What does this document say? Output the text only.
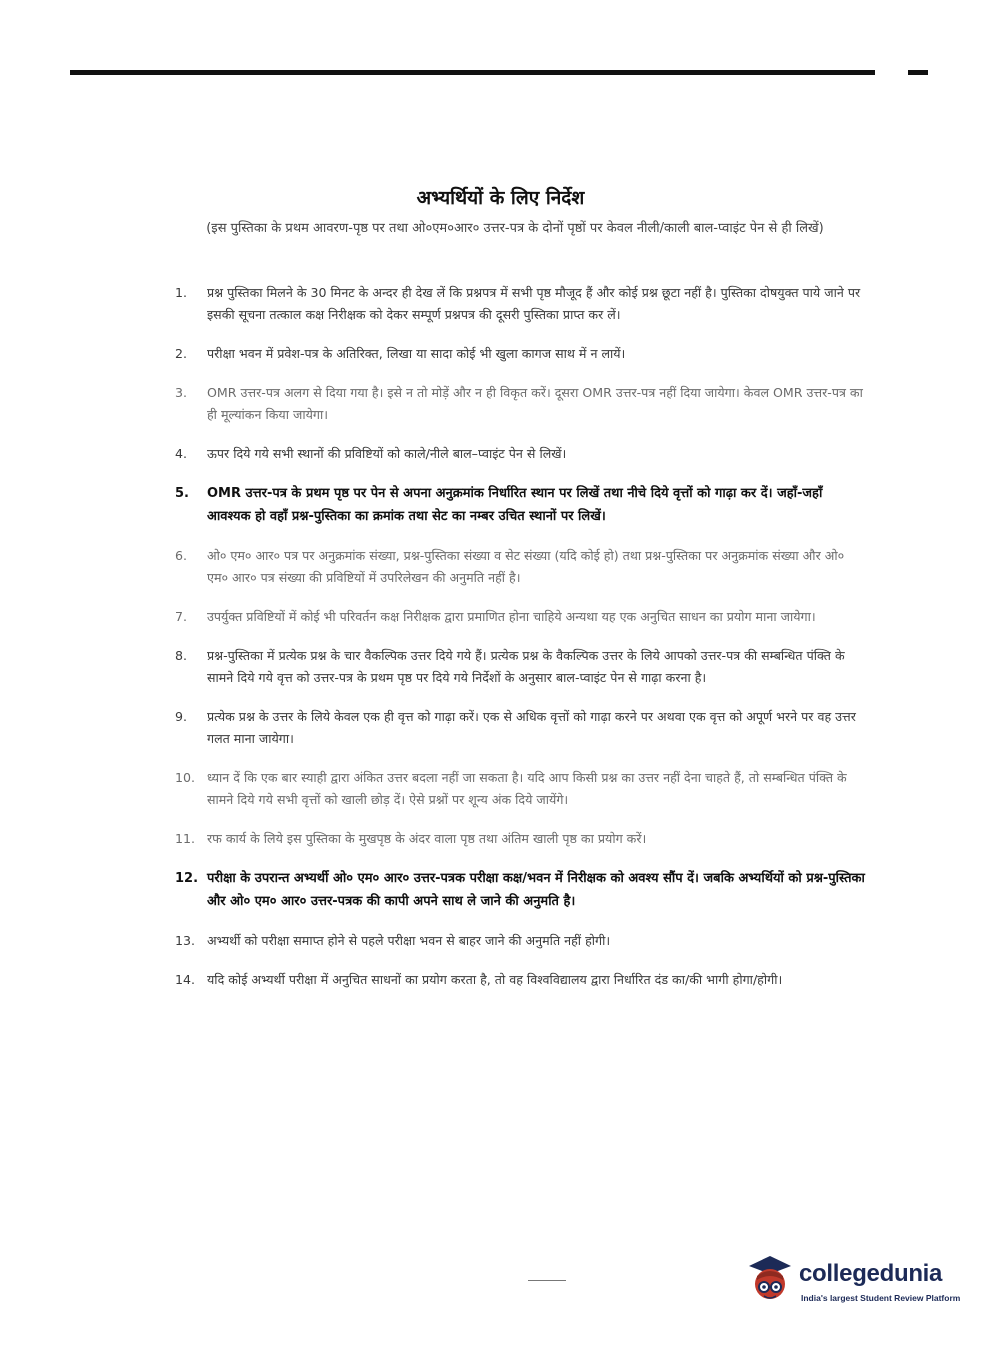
अभ्यर्थियों के लिए निर्देश
(इस पुस्तिका के प्रथम आवरण-पृष्ठ पर तथा ओ०एम०आर० उत्तर-पत्र के दोनों पृष्ठों पर केवल नीली/काली बाल-प्वाइंट पेन से ही लिखें)
1.	प्रश्न पुस्तिका मिलने के 30 मिनट के अन्दर ही देख लें कि प्रश्नपत्र में सभी पृष्ठ मौजूद हैं और कोई प्रश्न छूटा नहीं है। पुस्तिका दोषयुक्त पाये जाने पर इसकी सूचना तत्काल कक्ष निरीक्षक को देकर सम्पूर्ण प्रश्नपत्र की दूसरी पुस्तिका प्राप्त कर लें।
2.	परीक्षा भवन में प्रवेश-पत्र के अतिरिक्त, लिखा या सादा कोई भी खुला कागज साथ में न लायें।
3.	OMR उत्तर-पत्र अलग से दिया गया है। इसे न तो मोड़ें और न ही विकृत करें। दूसरा OMR उत्तर-पत्र नहीं दिया जायेगा। केवल OMR उत्तर-पत्र का ही मूल्यांकन किया जायेगा।
4.	ऊपर दिये गये सभी स्थानों की प्रविष्टियों को काले/नीले बाल–प्वाइंट पेन से लिखें।
5.	OMR उत्तर-पत्र के प्रथम पृष्ठ पर पेन से अपना अनुक्रमांक निर्धारित स्थान पर लिखें तथा नीचे दिये वृत्तों को गाढ़ा कर दें। जहाँ-जहाँ आवश्यक हो वहाँ प्रश्न-पुस्तिका का क्रमांक तथा सेट का नम्बर उचित स्थानों पर लिखें।
6.	ओ० एम० आर० पत्र पर अनुक्रमांक संख्या, प्रश्न-पुस्तिका संख्या व सेट संख्या (यदि कोई हो) तथा प्रश्न-पुस्तिका पर अनुक्रमांक संख्या और ओ० एम० आर० पत्र संख्या की प्रविष्टियों में उपरिलेखन की अनुमति नहीं है।
7.	उपर्युक्त प्रविष्टियों में कोई भी परिवर्तन कक्ष निरीक्षक द्वारा प्रमाणित होना चाहिये अन्यथा यह एक अनुचित साधन का प्रयोग माना जायेगा।
8.	प्रश्न-पुस्तिका में प्रत्येक प्रश्न के चार वैकल्पिक उत्तर दिये गये हैं। प्रत्येक प्रश्न के वैकल्पिक उत्तर के लिये आपको उत्तर-पत्र की सम्बन्धित पंक्ति के सामने दिये गये वृत्त को उत्तर-पत्र के प्रथम पृष्ठ पर दिये गये निर्देशों के अनुसार बाल-प्वाइंट पेन से गाढ़ा करना है।
9.	प्रत्येक प्रश्न के उत्तर के लिये केवल एक ही वृत्त को गाढ़ा करें। एक से अधिक वृत्तों को गाढ़ा करने पर अथवा एक वृत्त को अपूर्ण भरने पर वह उत्तर गलत माना जायेगा।
10. ध्यान दें कि एक बार स्याही द्वारा अंकित उत्तर बदला नहीं जा सकता है। यदि आप किसी प्रश्न का उत्तर नहीं देना चाहते हैं, तो सम्बन्धित पंक्ति के सामने दिये गये सभी वृत्तों को खाली छोड़ दें। ऐसे प्रश्नों पर शून्य अंक दिये जायेंगे।
11. रफ कार्य के लिये इस पुस्तिका के मुखपृष्ठ के अंदर वाला पृष्ठ तथा अंतिम खाली पृष्ठ का प्रयोग करें।
12. परीक्षा के उपरान्त अभ्यर्थी ओ० एम० आर० उत्तर-पत्रक परीक्षा कक्ष/भवन में निरीक्षक को अवश्य सौंप दें। जबकि अभ्यर्थियों को प्रश्न-पुस्तिका और ओ० एम० आर० उत्तर-पत्रक की कापी अपने साथ ले जाने की अनुमति है।
13. अभ्यर्थी को परीक्षा समाप्त होने से पहले परीक्षा भवन से बाहर जाने की अनुमति नहीं होगी।
14. यदि कोई अभ्यर्थी परीक्षा में अनुचित साधनों का प्रयोग करता है, तो वह विश्वविद्यालय द्वारा निर्धारित दंड का/की भागी होगा/होगी।
collegedunia
India's largest Student Review Platform
